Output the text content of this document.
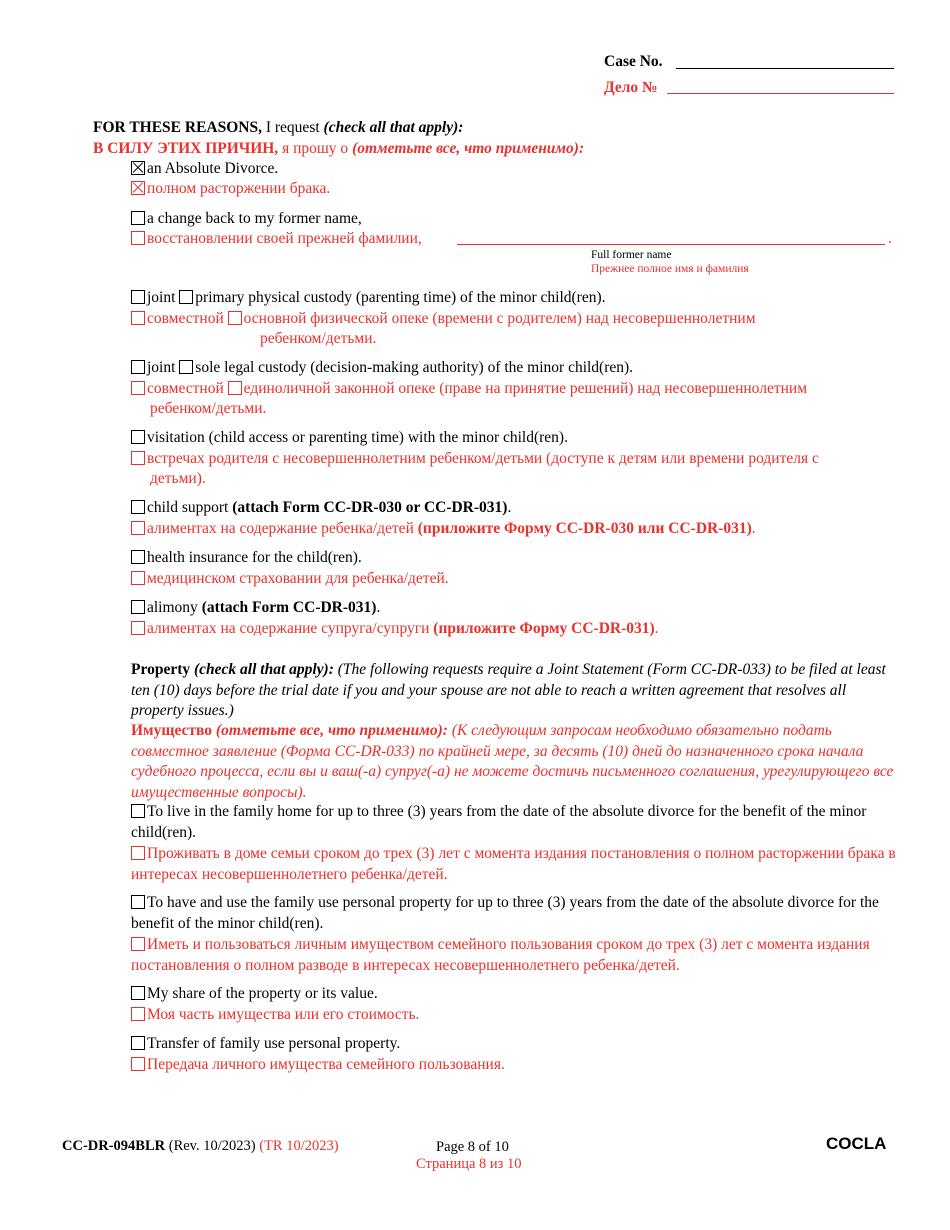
Case No.
Дело №
FOR THESE REASONS, I request (check all that apply):
В СИЛУ ЭТИХ ПРИЧИН, я прошу о (отметьте все, что применимо):
an Absolute Divorce.
полном расторжении брака.
a change back to my former name,
восстановлении своей прежней фамилии,	.
Full former name
Прежнее полное имя и фамилия
joint primary physical custody (parenting time) of the minor child(ren).
совместной основной физической опеке (времени с родителем) над несовершеннолетним
ребенком/детьми.
joint sole legal custody (decision-making authority) of the minor child(ren).
совместной единоличной законной опеке (праве на принятие решений) над несовершеннолетним
ребенком/детьми.
visitation (child access or parenting time) with the minor child(ren).
встречах родителя с несовершеннолетним ребенком/детьми (доступе к детям или времени родителя с
детьми).
child support (attach Form CC-DR-030 or CC-DR-031).
алиментах на содержание ребенка/детей (приложите Форму CC-DR-030 или CC-DR-031).
health insurance for the child(ren).
медицинском страховании для ребенка/детей.
alimony (attach Form CC-DR-031).
алиментах на содержание супруга/супруги (приложите Форму CC-DR-031).
Property (check all that apply): (The following requests require a Joint Statement (Form CC-DR-033) to be filed at least ten (10) days before the trial date if you and your spouse are not able to reach a written agreement that resolves all property issues.)
Имущество (отметьте все, что применимо): (К следующим запросам необходимо обязательно подать совместное заявление (Форма CC-DR-033) по крайней мере, за десять (10) дней до назначенного срока начала судебного процесса, если вы и ваш(-а) супруг(-а) не можете достичь письменного соглашения, урегулирующего все имущественные вопросы).
To live in the family home for up to three (3) years from the date of the absolute divorce for the benefit of the minor child(ren).
Проживать в доме семьи сроком до трех (3) лет с момента издания постановления о полном расторжении брака в интересах несовершеннолетнего ребенка/детей.
To have and use the family use personal property for up to three (3) years from the date of the absolute divorce for the benefit of the minor child(ren).
Иметь и пользоваться личным имуществом семейного пользования сроком до трех (3) лет с момента издания постановления о полном разводе в интересах несовершеннолетнего ребенка/детей.
My share of the property or its value.
Моя часть имущества или его стоимость.
Transfer of family use personal property.
Передача личного имущества семейного пользования.
CC-DR-094BLR (Rev. 10/2023) (TR 10/2023)	Page 8 of 10
Страница 8 из 10
COCLA
